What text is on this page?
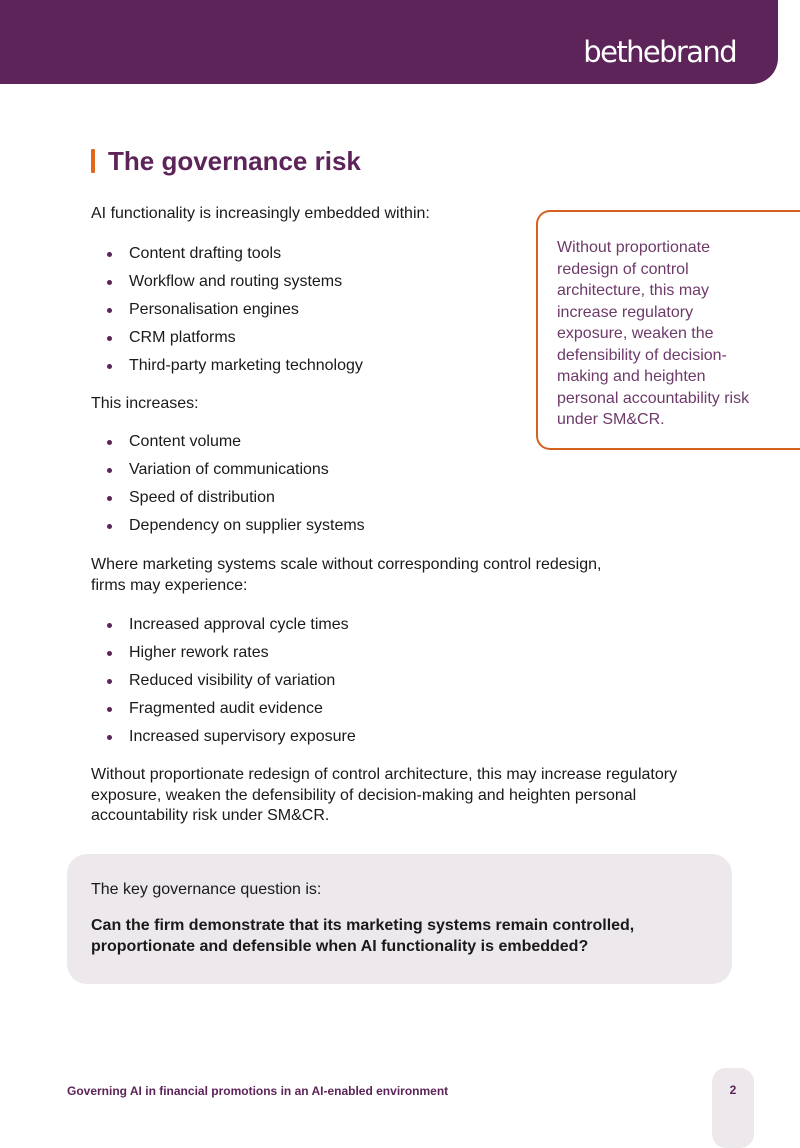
bethebrand
The governance risk

AI functionality is increasingly embedded within:

Content drafting tools
Workflow and routing systems
Personalisation engines
CRM platforms
Third-party marketing technology

This increases:

Content volume
Variation of communications
Speed of distribution
Dependency on supplier systems

Where marketing systems scale without corresponding control redesign, firms may experience:

Increased approval cycle times
Higher rework rates
Reduced visibility of variation
Fragmented audit evidence
Increased supervisory exposure

Without proportionate redesign of control architecture, this may increase regulatory exposure, weaken the defensibility of decision-making and heighten personal accountability risk under SM&CR.

Without proportionate redesign of control architecture, this may increase regulatory exposure, weaken the defensibility of decision-making and heighten personal accountability risk under SM&CR.

The key governance question is:

Can the firm demonstrate that its marketing systems remain controlled, proportionate and defensible when AI functionality is embedded?

Governing AI in financial promotions in an AI-enabled environment	2
